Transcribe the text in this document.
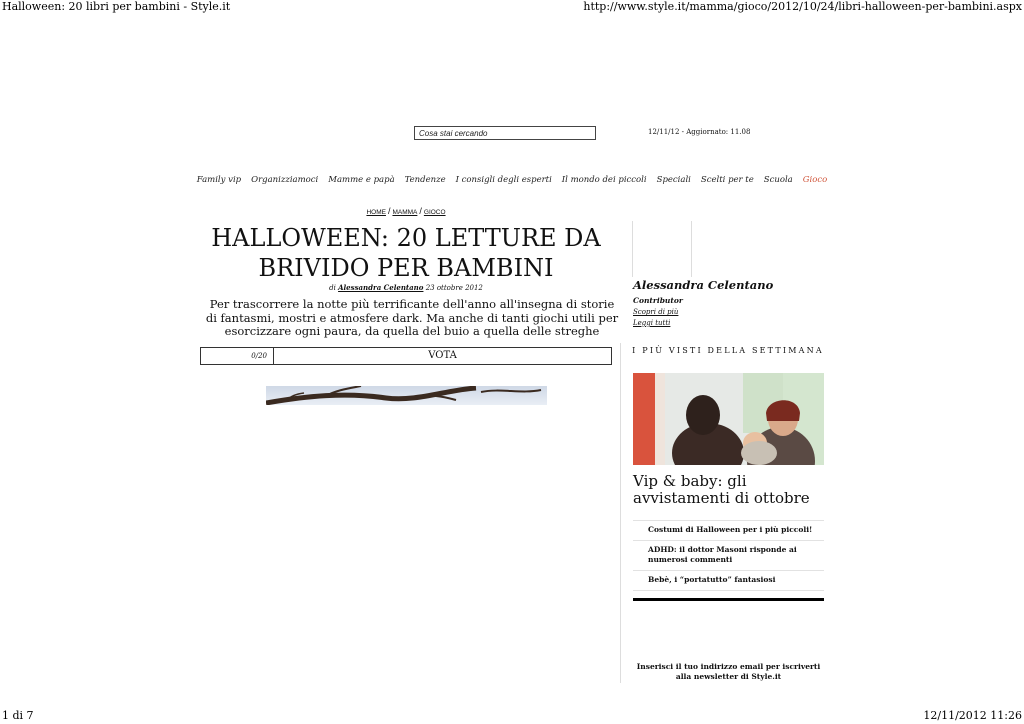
Halloween: 20 libri per bambini - Style.it	http://www.style.it/mamma/gioco/2012/10/24/libri-halloween-per-bambini.aspx
Cosa stai cercando	12/11/12 - Aggiornato: 11.08
Family vip Organizziamoci Mamme e papà Tendenze I consigli degli esperti Il mondo dei piccoli Speciali Scelti per te Scuola Gioco
HOME / MAMMA / GIOCO
HALLOWEEN: 20 LETTURE DA BRIVIDO PER BAMBINI
di Alessandra Celentano 23 ottobre 2012
Per trascorrere la notte più terrificante dell'anno all'insegna di storie di fantasmi, mostri e atmosfere dark. Ma anche di tanti giochi utili per esorcizzare ogni paura, da quella del buio a quella delle streghe
0/20	VOTA
Alessandra Celentano
Contributor
Scopri di più
Leggi tutti
I PIÙ VISTI DELLA SETTIMANA
Vip & baby: gli avvistamenti di ottobre
Costumi di Halloween per i più piccoli!
ADHD: il dottor Masoni risponde ai numerosi commenti
Bebè, i “portatutto” fantasiosi
Inserisci il tuo indirizzo email per iscriverti alla newsletter di Style.it
1 di 7	12/11/2012 11:26
